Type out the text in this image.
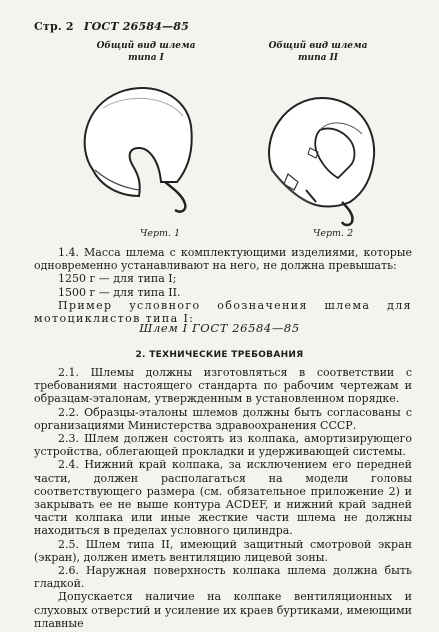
Стр. 2 ГОСТ 26584—85
Общий вид шлема
типа I
Черт. 1
Общий вид шлема
типа II
Черт. 2

1.4. Масса шлема с комплектующими изделиями, которые одновременно устанавливают на него, не должна превышать:

1250 г — для типа I;

1500 г — для типа II.

Пример условного обозначения шлема для мотоциклистов типа I:

Шлем I ГОСТ 26584—85
2. ТЕХНИЧЕСКИЕ ТРЕБОВАНИЯ

2.1. Шлемы должны изготовляться в соответствии с требованиями настоящего стандарта по рабочим чертежам и образцам-эталонам, утвержденным в установленном порядке.

2.2. Образцы-эталоны шлемов должны быть согласованы с организациями Министерства здравоохранения СССР.

2.3. Шлем должен состоять из колпака, амортизирующего устройства, облегающей прокладки и удерживающей системы.

2.4. Нижний край колпака, за исключением его передней части, должен располагаться на модели головы соответствующего размера (см. обязательное приложение 2) и закрывать ее не выше контура ACDEF, и нижний край задней части колпака или иные жесткие части шлема не должны находиться в пределах условного цилиндра.

2.5. Шлем типа II, имеющий защитный смотровой экран (экран), должен иметь вентиляцию лицевой зоны.

2.6. Наружная поверхность колпака шлема должна быть гладкой.

Допускается наличие на колпаке вентиляционных и слуховых отверстий и усиление их краев буртиками, имеющими плавные
